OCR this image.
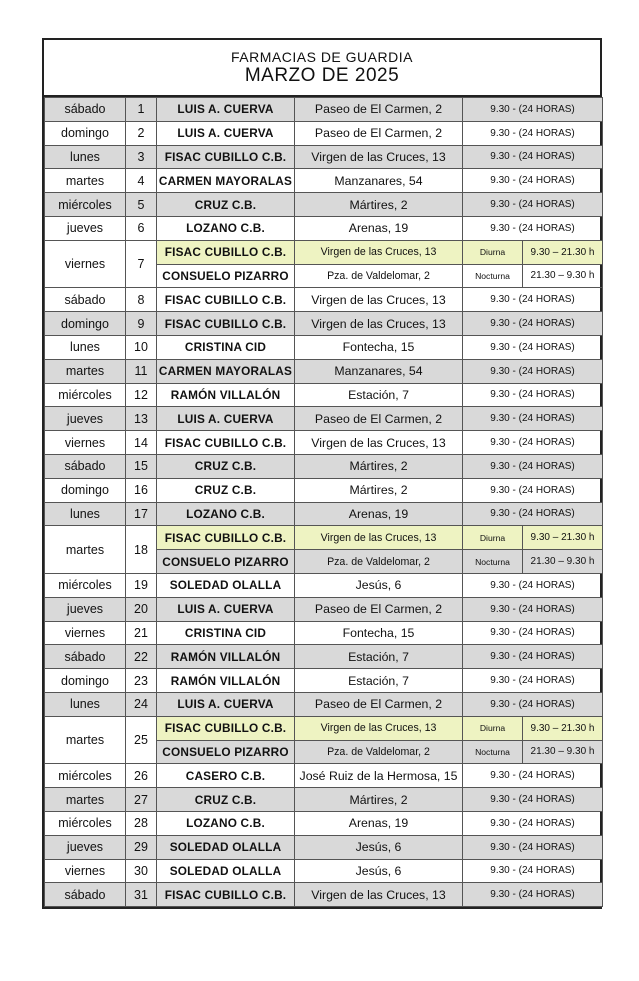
FARMACIAS DE GUARDIA
MARZO DE 2025
sábado	1	LUIS A. CUERVA	Paseo de El Carmen, 2	9.30 - (24 HORAS)	
domingo	2	LUIS A. CUERVA	Paseo de El Carmen, 2	9.30 - (24 HORAS)	
lunes	3	FISAC CUBILLO C.B.	Virgen de las Cruces, 13	9.30 - (24 HORAS)	
martes	4	CARMEN MAYORALAS	Manzanares, 54	9.30 - (24 HORAS)	
miércoles	5	CRUZ C.B.	Mártires, 2	9.30 - (24 HORAS)	
jueves	6	LOZANO C.B.	Arenas, 19	9.30 - (24 HORAS)	
viernes	7	FISAC CUBILLO C.B.	Virgen de las Cruces, 13	Diurna	9.30 – 21.30 h
		CONSUELO PIZARRO	Pza. de Valdelomar, 2	Nocturna	21.30 – 9.30 h
sábado	8	FISAC CUBILLO C.B.	Virgen de las Cruces, 13	9.30 - (24 HORAS)	
domingo	9	FISAC CUBILLO C.B.	Virgen de las Cruces, 13	9.30 - (24 HORAS)	
lunes	10	CRISTINA CID	Fontecha, 15	9.30 - (24 HORAS)	
martes	11	CARMEN MAYORALAS	Manzanares, 54	9.30 - (24 HORAS)	
miércoles	12	RAMÓN VILLALÓN	Estación, 7	9.30 - (24 HORAS)	
jueves	13	LUIS A. CUERVA	Paseo de El Carmen, 2	9.30 - (24 HORAS)	
viernes	14	FISAC CUBILLO C.B.	Virgen de las Cruces, 13	9.30 - (24 HORAS)	
sábado	15	CRUZ C.B.	Mártires, 2	9.30 - (24 HORAS)	
domingo	16	CRUZ C.B.	Mártires, 2	9.30 - (24 HORAS)	
lunes	17	LOZANO C.B.	Arenas, 19	9.30 - (24 HORAS)	
martes	18	FISAC CUBILLO C.B.	Virgen de las Cruces, 13	Diurna	9.30 – 21.30 h
		CONSUELO PIZARRO	Pza. de Valdelomar, 2	Nocturna	21.30 – 9.30 h
miércoles	19	SOLEDAD OLALLA	Jesús, 6	9.30 - (24 HORAS)	
jueves	20	LUIS A. CUERVA	Paseo de El Carmen, 2	9.30 - (24 HORAS)	
viernes	21	CRISTINA CID	Fontecha, 15	9.30 - (24 HORAS)	
sábado	22	RAMÓN VILLALÓN	Estación, 7	9.30 - (24 HORAS)	
domingo	23	RAMÓN VILLALÓN	Estación, 7	9.30 - (24 HORAS)	
lunes	24	LUIS A. CUERVA	Paseo de El Carmen, 2	9.30 - (24 HORAS)	
martes	25	FISAC CUBILLO C.B.	Virgen de las Cruces, 13	Diurna	9.30 – 21.30 h
		CONSUELO PIZARRO	Pza. de Valdelomar, 2	Nocturna	21.30 – 9.30 h
miércoles	26	CASERO C.B.	José Ruiz de la Hermosa, 15	9.30 - (24 HORAS)	
martes	27	CRUZ C.B.	Mártires, 2	9.30 - (24 HORAS)	
miércoles	28	LOZANO C.B.	Arenas, 19	9.30 - (24 HORAS)	
jueves	29	SOLEDAD OLALLA	Jesús, 6	9.30 - (24 HORAS)	
viernes	30	SOLEDAD OLALLA	Jesús, 6	9.30 - (24 HORAS)	
sábado	31	FISAC CUBILLO C.B.	Virgen de las Cruces, 13	9.30 - (24 HORAS)	
